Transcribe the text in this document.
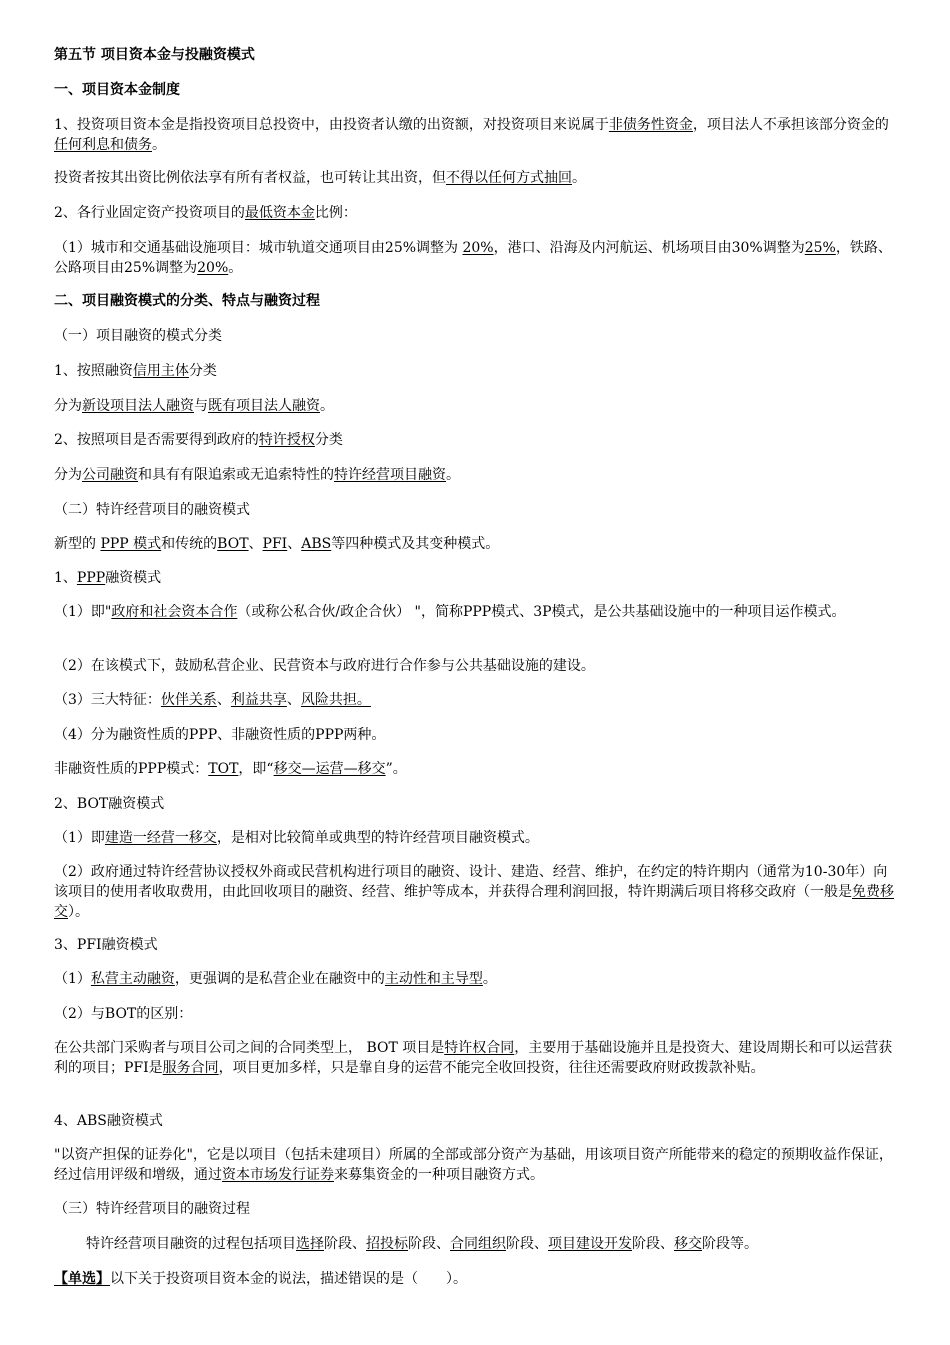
第五节 项目资本金与投融资模式
一、项目资本金制度
1、投资项目资本金是指投资项目总投资中，由投资者认缴的出资额，对投资项目来说属于非债务性资金，项目法人不承担该部分资金的任何利息和债务。
投资者按其出资比例依法享有所有者权益，也可转让其出资，但不得以任何方式抽回。
2、各行业固定资产投资项目的最低资本金比例：
（1）城市和交通基础设施项目：城市轨道交通项目由25%调整为 20%，港口、沿海及内河航运、机场项目由30%调整为25%，铁路、公路项目由25%调整为20%。
二、项目融资模式的分类、特点与融资过程
（一）项目融资的模式分类
1、按照融资信用主体分类
分为新设项目法人融资与既有项目法人融资。
2、按照项目是否需要得到政府的特许授权分类
分为公司融资和具有有限追索或无追索特性的特许经营项目融资。
（二）特许经营项目的融资模式
新型的 PPP 模式和传统的BOT、PFI、ABS等四种模式及其变种模式。
1、PPP融资模式
（1）即"政府和社会资本合作（或称公私合伙/政企合伙） "，简称PPP模式、3P模式，是公共基础设施中的一种项目运作模式。
（2）在该模式下，鼓励私营企业、民营资本与政府进行合作参与公共基础设施的建设。
（3）三大特征：伙伴关系、利益共享、风险共担。
（4）分为融资性质的PPP、非融资性质的PPP两种。
非融资性质的PPP模式：TOT，即“移交—运营—移交”。
2、BOT融资模式
（1）即建造一经营一移交，是相对比较简单或典型的特许经营项目融资模式。
（2）政府通过特许经营协议授权外商或民营机构进行项目的融资、设计、建造、经营、维护，在约定的特许期内（通常为10-30年）向该项目的使用者收取费用，由此回收项目的融资、经营、维护等成本，并获得合理利润回报，特许期满后项目将移交政府（一般是免费移交）。
3、PFI融资模式
（1）私营主动融资，更强调的是私营企业在融资中的主动性和主导型。
（2）与BOT的区别：
在公共部门采购者与项目公司之间的合同类型上， BOT 项目是特许权合同，主要用于基础设施并且是投资大、建设周期长和可以运营获利的项目；PFI是服务合同，项目更加多样，只是靠自身的运营不能完全收回投资，往往还需要政府财政拨款补贴。
4、ABS融资模式
"以资产担保的证券化"，它是以项目（包括未建项目）所属的全部或部分资产为基础，用该项目资产所能带来的稳定的预期收益作保证，经过信用评级和增级，通过资本市场发行证券来募集资金的一种项目融资方式。
（三）特许经营项目的融资过程
特许经营项目融资的过程包括项目选择阶段、招投标阶段、合同组织阶段、项目建设开发阶段、移交阶段等。
【单选】以下关于投资项目资本金的说法，描述错误的是（　　）。
